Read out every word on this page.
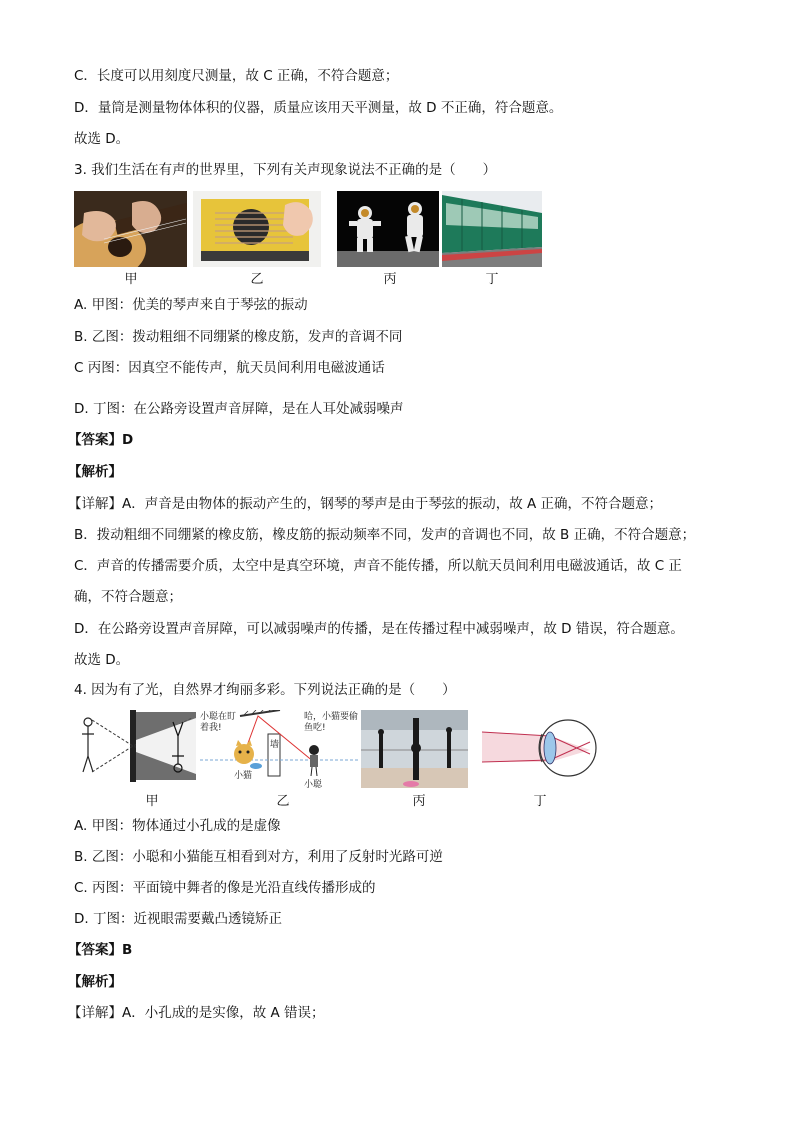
C．长度可以用刻度尺测量，故 C 正确，不符合题意；
D．量筒是测量物体体积的仪器，质量应该用天平测量，故 D 不正确，符合题意。
故选 D。
3. 我们生活在有声的世界里，下列有关声现象说法不正确的是（　　）
甲	乙	丙	丁
A. 甲图：优美的琴声来自于琴弦的振动
B. 乙图：拨动粗细不同绷紧的橡皮筋，发声的音调不同
C 丙图：因真空不能传声，航天员间利用电磁波通话
D. 丁图：在公路旁设置声音屏障，是在人耳处减弱噪声
【答案】D
【解析】
【详解】A．声音是由物体的振动产生的，钢琴的琴声是由于琴弦的振动，故 A 正确，不符合题意；
B．拨动粗细不同绷紧的橡皮筋，橡皮筋的振动频率不同，发声的音调也不同，故 B 正确，不符合题意；
C．声音的传播需要介质，太空中是真空环境，声音不能传播，所以航天员间利用电磁波通话，故 C 正
确，不符合题意；
D．在公路旁设置声音屏障，可以减弱噪声的传播，是在传播过程中减弱噪声，故 D 错误，符合题意。
故选 D。
4. 因为有了光，自然界才绚丽多彩。下列说法正确的是（　　）
小聪在盯着我!
哈，小猫要偷鱼吃!
墙
小猫
小聪
甲	乙	丙	丁
A. 甲图：物体通过小孔成的是虚像
B. 乙图：小聪和小猫能互相看到对方，利用了反射时光路可逆
C. 丙图：平面镜中舞者的像是光沿直线传播形成的
D. 丁图：近视眼需要戴凸透镜矫正
【答案】B
【解析】
【详解】A．小孔成的是实像，故 A 错误；
